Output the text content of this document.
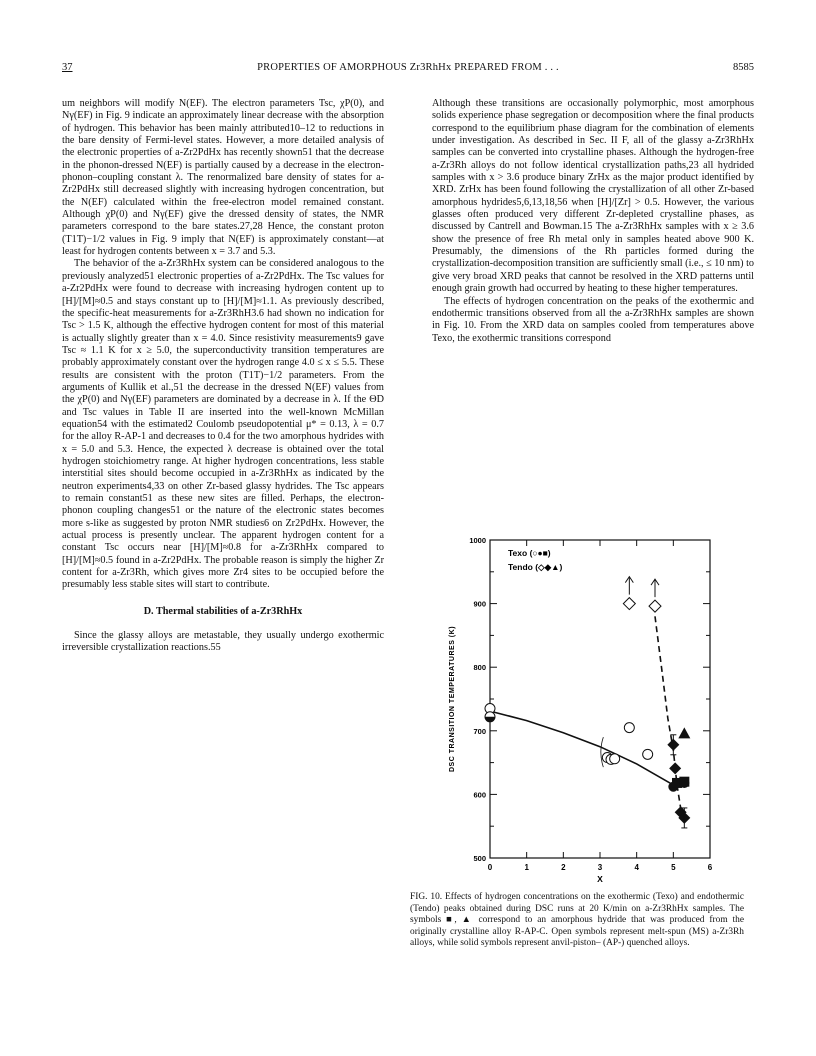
37	PROPERTIES OF AMORPHOUS Zr3RhHx PREPARED FROM . . .	8585

um neighbors will modify N(EF). The electron parameters Tsc, χP(0), and Nγ(EF) in Fig. 9 indicate an approximately linear decrease with the absorption of hydrogen. This behavior has been mainly attributed10–12 to reductions in the bare density of Fermi-level states. However, a more detailed analysis of the electronic properties of a-Zr2PdHx has recently shown51 that the decrease in the phonon-dressed N(EF) is partially caused by a decrease in the electron-phonon–coupling constant λ. The renormalized bare density of states for a-Zr2PdHx still decreased slightly with increasing hydrogen concentration, but the N(EF) calculated within the free-electron model remained constant. Although χP(0) and Nγ(EF) give the dressed density of states, the NMR parameters correspond to the bare states.27,28 Hence, the constant proton (T1T)−1/2 values in Fig. 9 imply that N(EF) is approximately constant—at least for hydrogen contents between x = 3.7 and 5.3.

The behavior of the a-Zr3RhHx system can be considered analogous to the previously analyzed51 electronic properties of a-Zr2PdHx. The Tsc values for a-Zr2PdHx were found to decrease with increasing hydrogen content up to [H]/[M]≈0.5 and stays constant up to [H]/[M]≈1.1. As previously described, the specific-heat measurements for a-Zr3RhH3.6 had shown no indication for Tsc > 1.5 K, although the effective hydrogen content for most of this material is actually slightly greater than x = 4.0. Since resistivity measurements9 gave Tsc ≈ 1.1 K for x ≥ 5.0, the superconductivity transition temperatures are probably approximately constant over the hydrogen range 4.0 ≤ x ≤ 5.5. These results are consistent with the proton (T1T)−1/2 parameters. From the arguments of Kullik et al.,51 the decrease in the dressed N(EF) values from the χP(0) and Nγ(EF) parameters are dominated by a decrease in λ. If the ΘD and Tsc values in Table II are inserted into the well-known McMillan equation54 with the estimated2 Coulomb pseudopotential μ* = 0.13, λ = 0.7 for the alloy R-AP-1 and decreases to 0.4 for the two amorphous hydrides with x = 5.0 and 5.3. Hence, the expected λ decrease is obtained over the total hydrogen stoichiometry range. At higher hydrogen concentrations, less stable interstitial sites should become occupied in a-Zr3RhHx as indicated by the neutron experiments4,33 on other Zr-based glassy hydrides. The Tsc appears to remain constant51 as these new sites are filled. Perhaps, the electron-phonon coupling changes51 or the nature of the electronic states becomes more s-like as suggested by proton NMR studies6 on Zr2PdHx. However, the actual process is presently unclear. The apparent hydrogen content for a constant Tsc occurs near [H]/[M]≈0.8 for a-Zr3RhHx compared to [H]/[M]≈0.5 found in a-Zr2PdHx. The probable reason is simply the higher Zr content for a-Zr3Rh, which gives more Zr4 sites to be occupied before the presumably less stable sites will start to contribute.

D. Thermal stabilities of a-Zr3RhHx

Since the glassy alloys are metastable, they usually undergo exothermic irreversible crystallization reactions.55

Although these transitions are occasionally polymorphic, most amorphous solids experience phase segregation or decomposition where the final products correspond to the equilibrium phase diagram for the combination of elements under investigation. As described in Sec. II F, all of the glassy a-Zr3RhHx samples can be converted into crystalline phases. Although the hydrogen-free a-Zr3Rh alloys do not follow identical crystallization paths,23 all hydrided samples with x > 3.6 produce binary ZrHx as the major product identified by XRD. ZrHx has been found following the crystallization of all other Zr-based amorphous hydrides5,6,13,18,56 when [H]/[Zr] > 0.5. However, the various glasses often produced very different Zr-depleted crystalline phases, as discussed by Cantrell and Bowman.15 The a-Zr3RhHx samples with x ≥ 3.6 show the presence of free Rh metal only in samples heated above 900 K. Presumably, the dimensions of the Rh particles formed during the crystallization-decomposition transition are sufficiently small (i.e., ≤ 10 nm) to give very broad XRD peaks that cannot be resolved in the XRD patterns until enough grain growth had occurred by heating to these higher temperatures.

The effects of hydrogen concentration on the peaks of the exothermic and endothermic transitions observed from all the a-Zr3RhHx samples are shown in Fig. 10. From the XRD data on samples cooled from temperatures above Texo, the exothermic transitions correspond

0	1	2	3	4	5	6
500
600
700
800
900
1000
X
DSC TRANSITION TEMPERATURES (K)
Texo (○●■)
Tendo (◇◆▲)
FIG. 10. Effects of hydrogen concentrations on the exothermic (Texo) and endothermic (Tendo) peaks obtained during DSC runs at 20 K/min on a-Zr3RhHx samples. The symbols ■, ▲ correspond to an amorphous hydride that was produced from the originally crystalline alloy R-AP-C. Open symbols represent melt-spun (MS) a-Zr3Rh alloys, while solid symbols represent anvil-piston– (AP-) quenched alloys.
